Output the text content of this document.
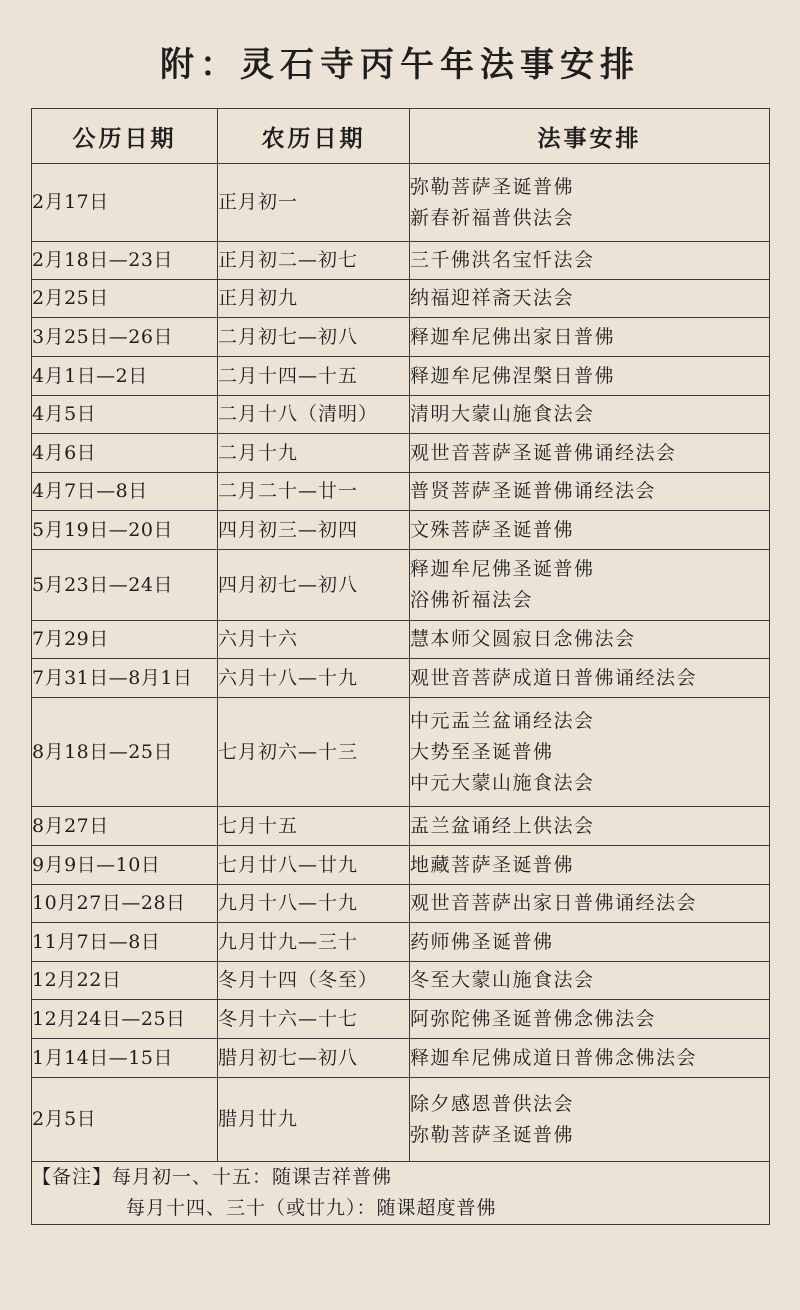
附：灵石寺丙午年法事安排
公历日期	农历日期	法事安排
2月17日	正月初一	弥勒菩萨圣诞普佛
新春祈福普供法会

2月18日—23日	正月初二—初七	三千佛洪名宝忏法会

2月25日	正月初九	纳福迎祥斋天法会

3月25日—26日	二月初七—初八	释迦牟尼佛出家日普佛

4月1日—2日	二月十四—十五	释迦牟尼佛涅槃日普佛

4月5日	二月十八（清明）	清明大蒙山施食法会

4月6日	二月十九	观世音菩萨圣诞普佛诵经法会

4月7日—8日	二月二十—廿一	普贤菩萨圣诞普佛诵经法会

5月19日—20日	四月初三—初四	文殊菩萨圣诞普佛

5月23日—24日	四月初七—初八	释迦牟尼佛圣诞普佛
浴佛祈福法会

7月29日	六月十六	慧本师父圆寂日念佛法会

7月31日—8月1日	六月十八—十九	观世音菩萨成道日普佛诵经法会

8月18日—25日	七月初六—十三	中元盂兰盆诵经法会
大势至圣诞普佛
中元大蒙山施食法会

8月27日	七月十五	盂兰盆诵经上供法会

9月9日—10日	七月廿八—廿九	地藏菩萨圣诞普佛

10月27日—28日	九月十八—十九	观世音菩萨出家日普佛诵经法会

11月7日—8日	九月廿九—三十	药师佛圣诞普佛

12月22日	冬月十四（冬至）	冬至大蒙山施食法会

12月24日—25日	冬月十六—十七	阿弥陀佛圣诞普佛念佛法会

1月14日—15日	腊月初七—初八	释迦牟尼佛成道日普佛念佛法会

2月5日	腊月廿九	除夕感恩普供法会
弥勒菩萨圣诞普佛

【备注】每月初一、十五：随课吉祥普佛
每月十四、三十（或廿九）：随课超度普佛		
